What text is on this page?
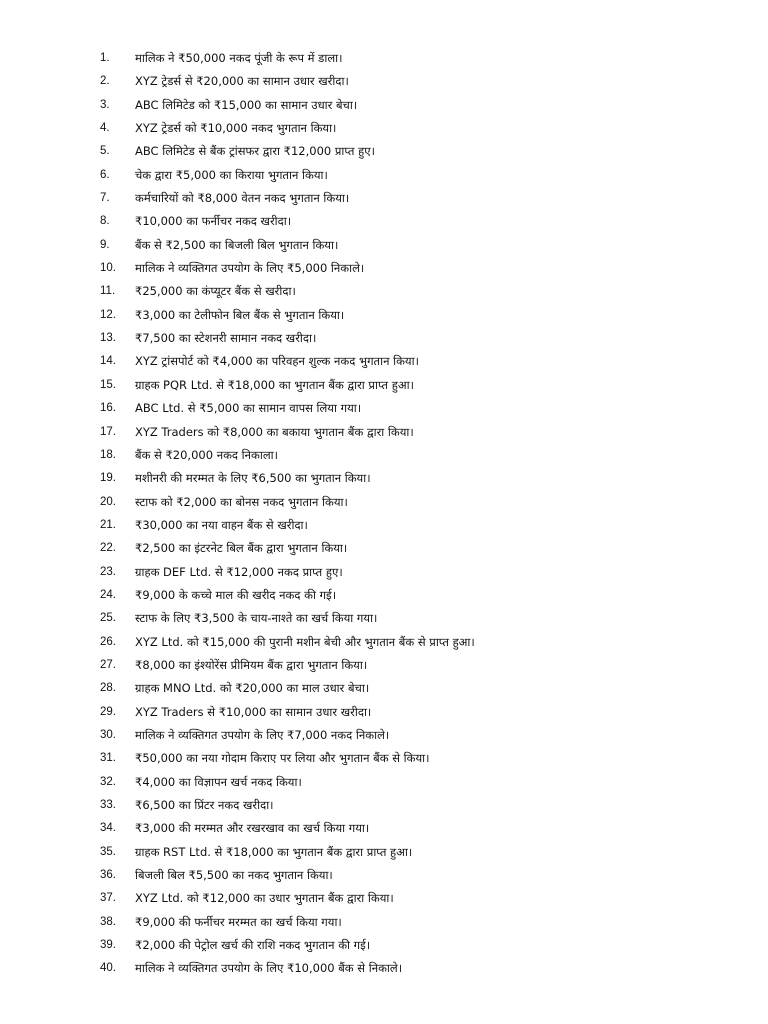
1.	मालिक ने ₹50,000 नकद पूंजी के रूप में डाला।
2.	XYZ ट्रेडर्स से ₹20,000 का सामान उधार खरीदा।
3.	ABC लिमिटेड को ₹15,000 का सामान उधार बेचा।
4.	XYZ ट्रेडर्स को ₹10,000 नकद भुगतान किया।
5.	ABC लिमिटेड से बैंक ट्रांसफर द्वारा ₹12,000 प्राप्त हुए।
6.	चेक द्वारा ₹5,000 का किराया भुगतान किया।
7.	कर्मचारियों को ₹8,000 वेतन नकद भुगतान किया।
8.	₹10,000 का फर्नीचर नकद खरीदा।
9.	बैंक से ₹2,500 का बिजली बिल भुगतान किया।
10.	मालिक ने व्यक्तिगत उपयोग के लिए ₹5,000 निकाले।
11.	₹25,000 का कंप्यूटर बैंक से खरीदा।
12.	₹3,000 का टेलीफोन बिल बैंक से भुगतान किया।
13.	₹7,500 का स्टेशनरी सामान नकद खरीदा।
14.	XYZ ट्रांसपोर्ट को ₹4,000 का परिवहन शुल्क नकद भुगतान किया।
15.	ग्राहक PQR Ltd. से ₹18,000 का भुगतान बैंक द्वारा प्राप्त हुआ।
16.	ABC Ltd. से ₹5,000 का सामान वापस लिया गया।
17.	XYZ Traders को ₹8,000 का बकाया भुगतान बैंक द्वारा किया।
18.	बैंक से ₹20,000 नकद निकाला।
19.	मशीनरी की मरम्मत के लिए ₹6,500 का भुगतान किया।
20.	स्टाफ को ₹2,000 का बोनस नकद भुगतान किया।
21.	₹30,000 का नया वाहन बैंक से खरीदा।
22.	₹2,500 का इंटरनेट बिल बैंक द्वारा भुगतान किया।
23.	ग्राहक DEF Ltd. से ₹12,000 नकद प्राप्त हुए।
24.	₹9,000 के कच्चे माल की खरीद नकद की गई।
25.	स्टाफ के लिए ₹3,500 के चाय-नाश्ते का खर्च किया गया।
26.	XYZ Ltd. को ₹15,000 की पुरानी मशीन बेची और भुगतान बैंक से प्राप्त हुआ।
27.	₹8,000 का इंश्योरेंस प्रीमियम बैंक द्वारा भुगतान किया।
28.	ग्राहक MNO Ltd. को ₹20,000 का माल उधार बेचा।
29.	XYZ Traders से ₹10,000 का सामान उधार खरीदा।
30.	मालिक ने व्यक्तिगत उपयोग के लिए ₹7,000 नकद निकाले।
31.	₹50,000 का नया गोदाम किराए पर लिया और भुगतान बैंक से किया।
32.	₹4,000 का विज्ञापन खर्च नकद किया।
33.	₹6,500 का प्रिंटर नकद खरीदा।
34.	₹3,000 की मरम्मत और रखरखाव का खर्च किया गया।
35.	ग्राहक RST Ltd. से ₹18,000 का भुगतान बैंक द्वारा प्राप्त हुआ।
36.	बिजली बिल ₹5,500 का नकद भुगतान किया।
37.	XYZ Ltd. को ₹12,000 का उधार भुगतान बैंक द्वारा किया।
38.	₹9,000 की फर्नीचर मरम्मत का खर्च किया गया।
39.	₹2,000 की पेट्रोल खर्च की राशि नकद भुगतान की गई।
40.	मालिक ने व्यक्तिगत उपयोग के लिए ₹10,000 बैंक से निकाले।
